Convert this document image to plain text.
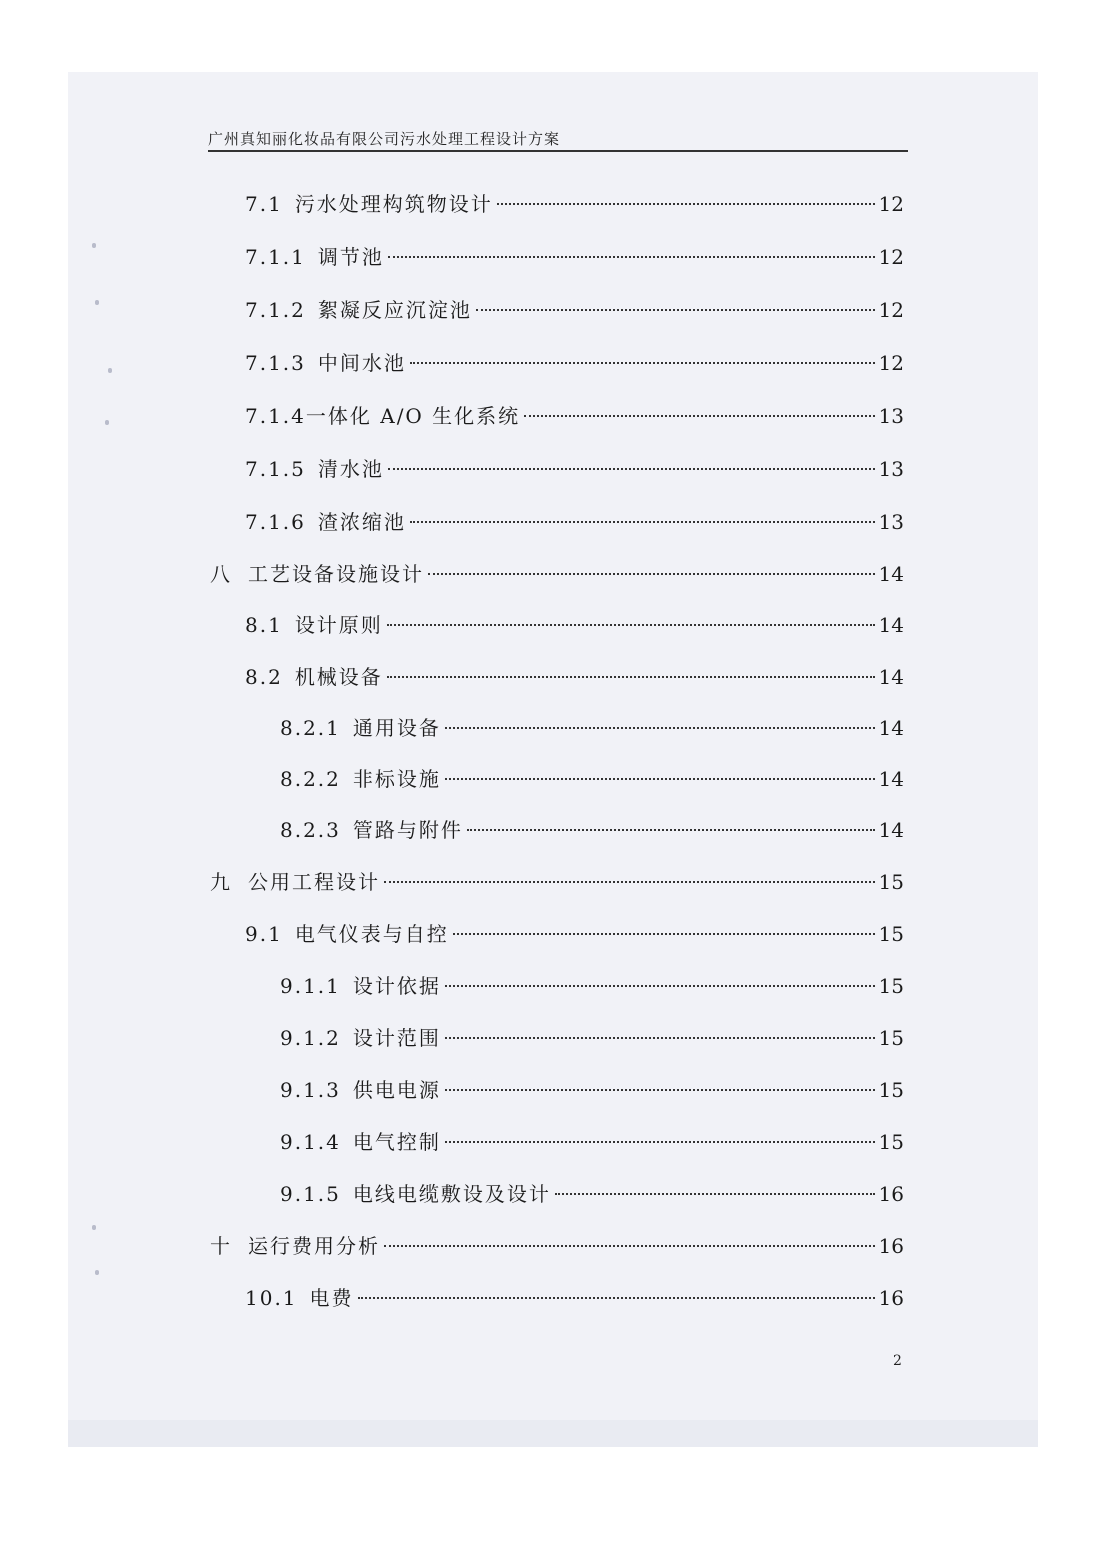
广州真知丽化妆品有限公司污水处理工程设计方案
7.1 污水处理构筑物设计	12
7.1.1 调节池	12
7.1.2 絮凝反应沉淀池	12
7.1.3 中间水池	12
7.1.4 一体化 A/O 生化系统	13
7.1.5 清水池	13
7.1.6 渣浓缩池	13
八 工艺设备设施设计	14
8.1 设计原则	14
8.2 机械设备	14
8.2.1 通用设备	14
8.2.2 非标设施	14
8.2.3 管路与附件	14
九 公用工程设计	15
9.1 电气仪表与自控	15
9.1.1 设计依据	15
9.1.2 设计范围	15
9.1.3 供电电源	15
9.1.4 电气控制	15
9.1.5 电线电缆敷设及设计	16
十 运行费用分析	16
10.1 电费	16
2
